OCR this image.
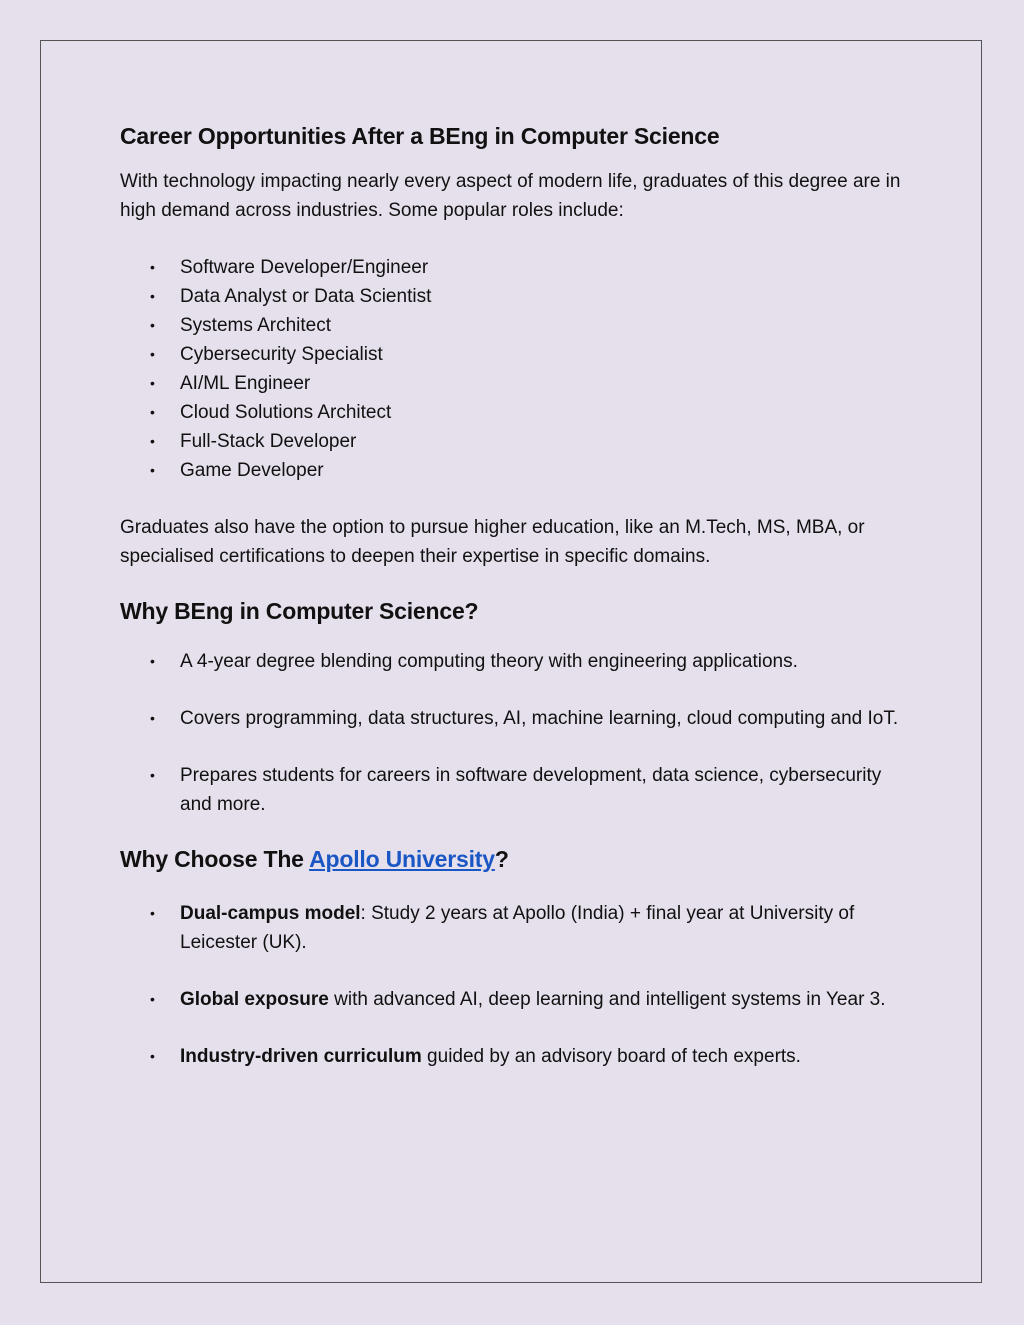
Career Opportunities After a BEng in Computer Science

With technology impacting nearly every aspect of modern life, graduates of this degree are in high demand across industries. Some popular roles include:

• Software Developer/Engineer
• Data Analyst or Data Scientist
• Systems Architect
• Cybersecurity Specialist
• AI/ML Engineer
• Cloud Solutions Architect
• Full-Stack Developer
• Game Developer

Graduates also have the option to pursue higher education, like an M.Tech, MS, MBA, or specialised certifications to deepen their expertise in specific domains.

Why BEng in Computer Science?
• A 4-year degree blending computing theory with engineering applications.
• Covers programming, data structures, AI, machine learning, cloud computing and IoT.
• Prepares students for careers in software development, data science, cybersecurity and more.
Why Choose The Apollo University?
• Dual-campus model: Study 2 years at Apollo (India) + final year at University of Leicester (UK).
• Global exposure with advanced AI, deep learning and intelligent systems in Year 3.
• Industry-driven curriculum guided by an advisory board of tech experts.
